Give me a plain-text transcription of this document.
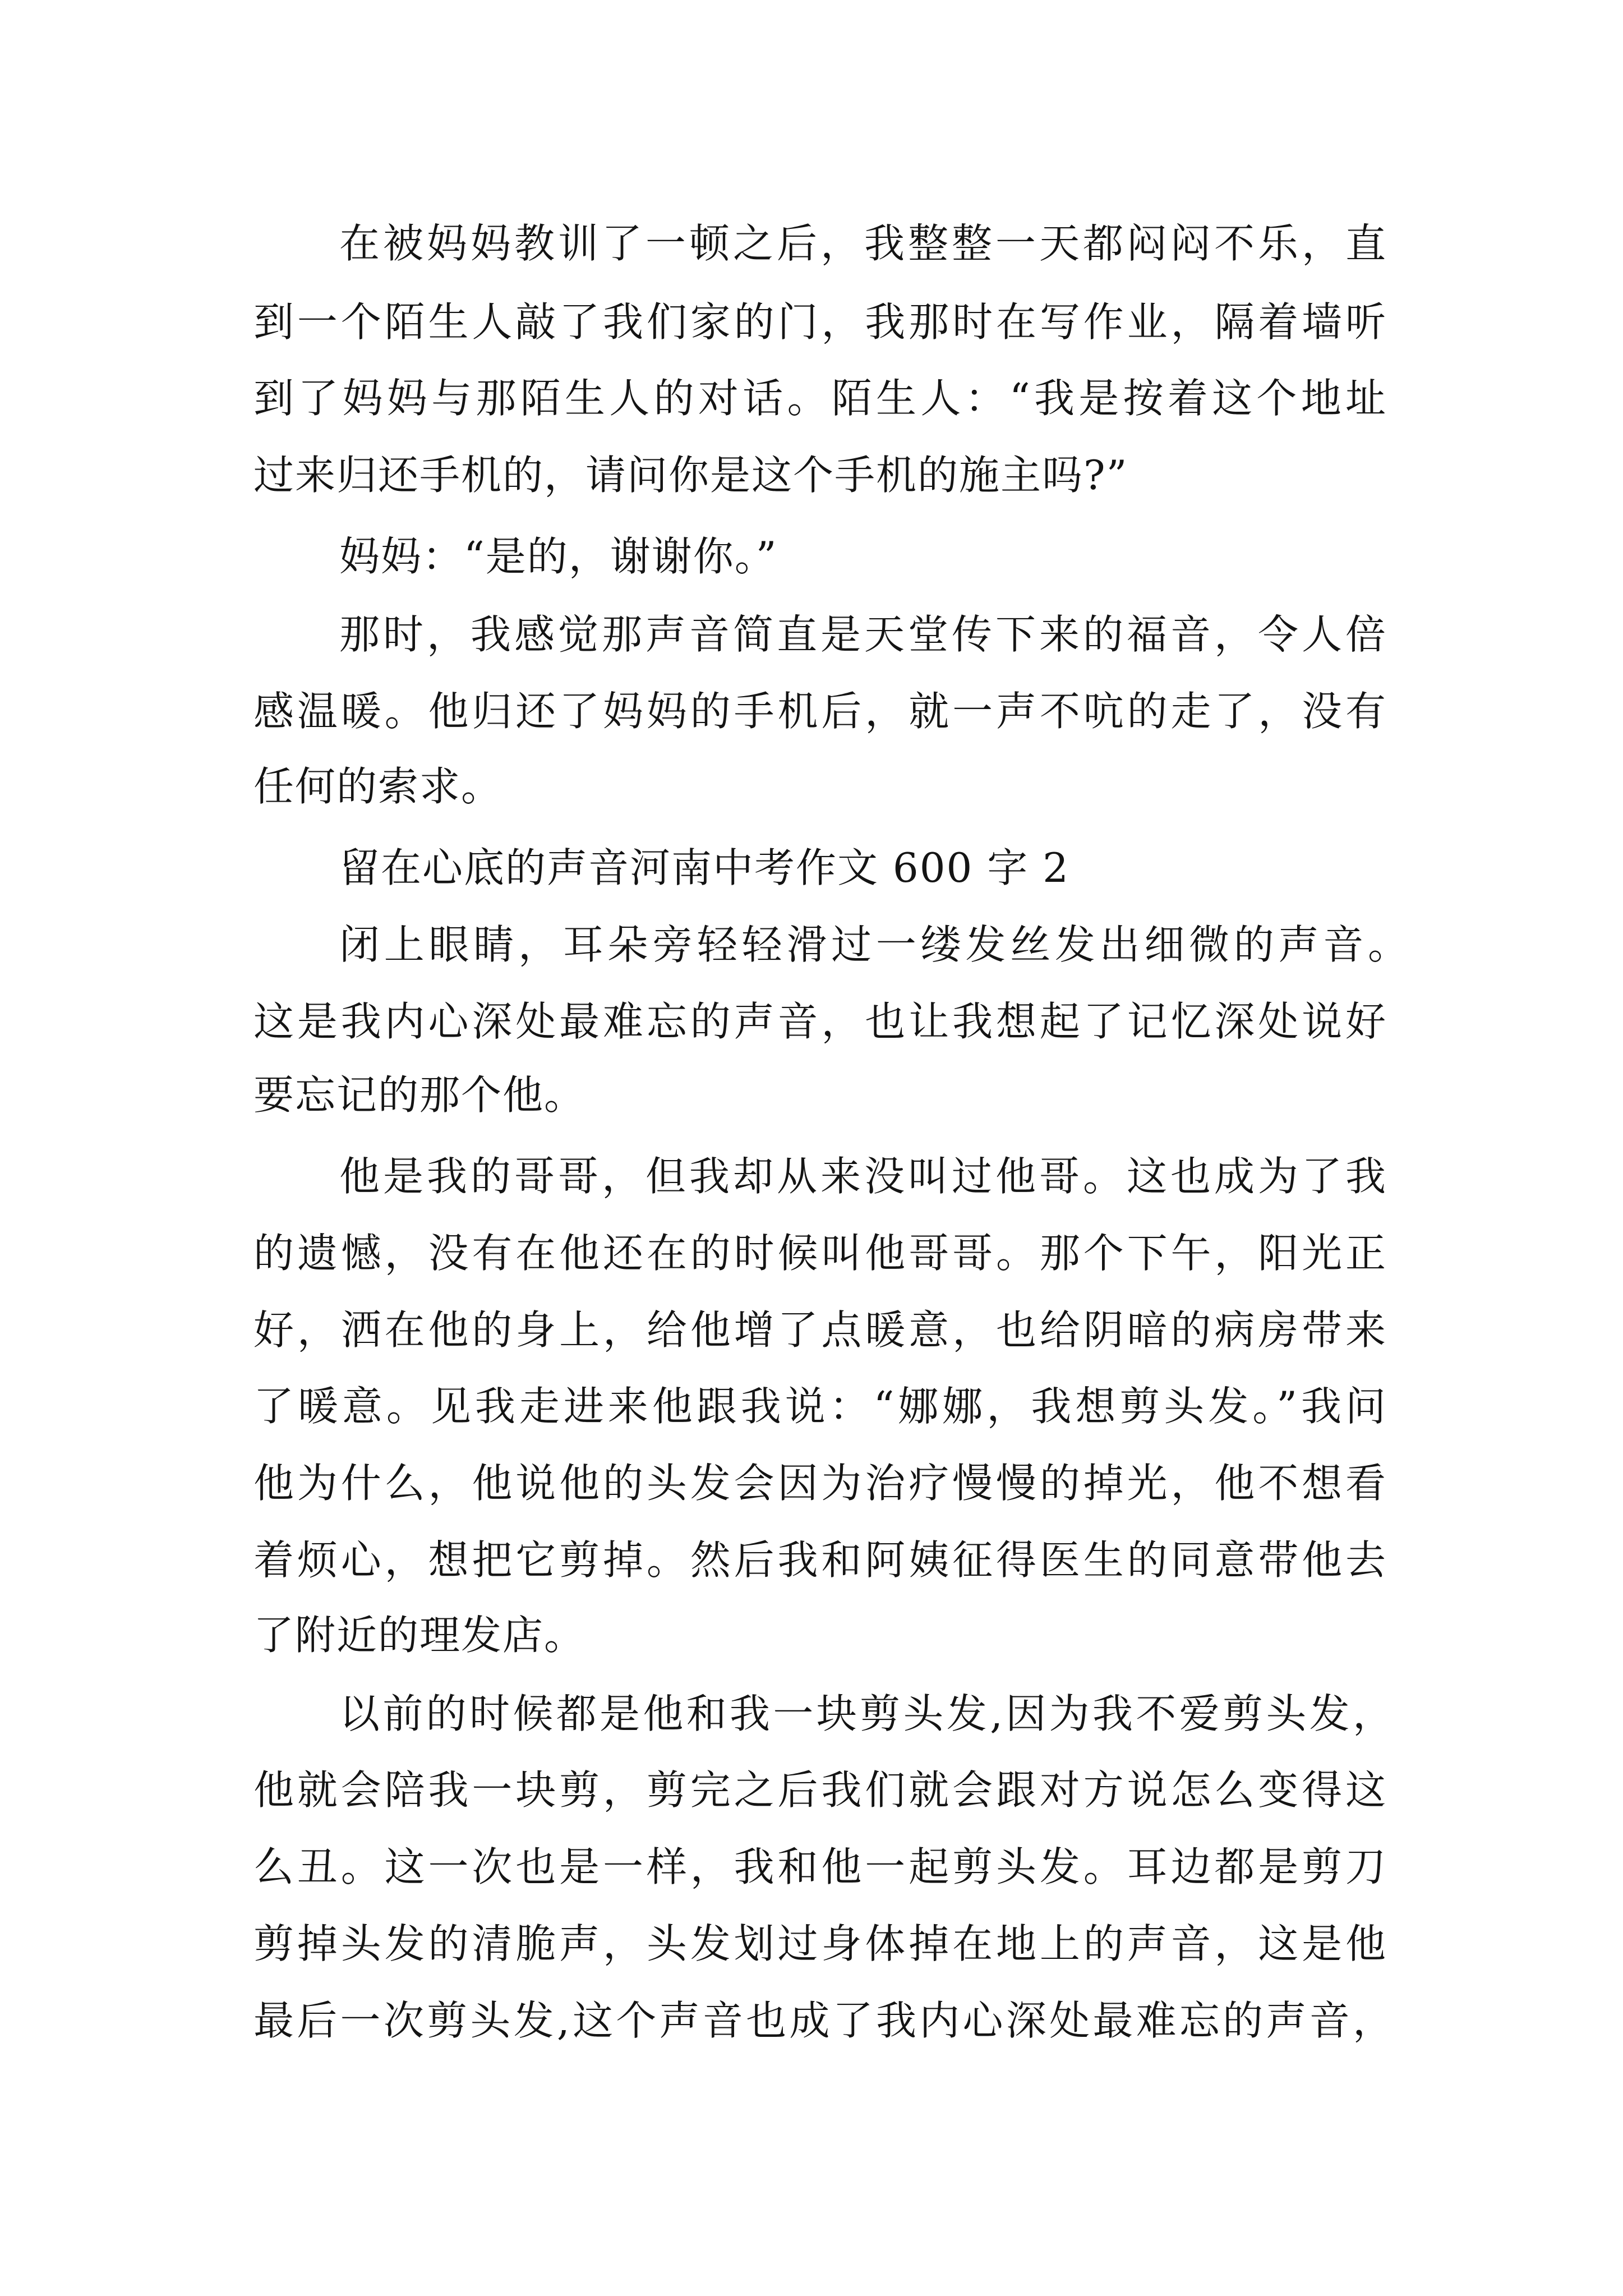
在被妈妈教训了一顿之后，我整整一天都闷闷不乐，直
到一个陌生人敲了我们家的门，我那时在写作业，隔着墙听
到了妈妈与那陌生人的对话。陌生人：“我是按着这个地址
过来归还手机的，请问你是这个手机的施主吗?”
妈妈：“是的，谢谢你。”
那时，我感觉那声音简直是天堂传下来的福音，令人倍
感温暖。他归还了妈妈的手机后，就一声不吭的走了，没有
任何的索求。
留在心底的声音河南中考作文 600 字 2
闭上眼睛，耳朵旁轻轻滑过一缕发丝发出细微的声音。
这是我内心深处最难忘的声音，也让我想起了记忆深处说好
要忘记的那个他。
他是我的哥哥，但我却从来没叫过他哥。这也成为了我
的遗憾，没有在他还在的时候叫他哥哥。那个下午，阳光正
好，洒在他的身上，给他增了点暖意，也给阴暗的病房带来
了暖意。见我走进来他跟我说：“娜娜，我想剪头发。”我问
他为什么，他说他的头发会因为治疗慢慢的掉光，他不想看
着烦心，想把它剪掉。然后我和阿姨征得医生的同意带他去
了附近的理发店。
以前的时候都是他和我一块剪头发,因为我不爱剪头发，
他就会陪我一块剪，剪完之后我们就会跟对方说怎么变得这
么丑。这一次也是一样，我和他一起剪头发。耳边都是剪刀
剪掉头发的清脆声，头发划过身体掉在地上的声音，这是他
最后一次剪头发,这个声音也成了我内心深处最难忘的声音，
